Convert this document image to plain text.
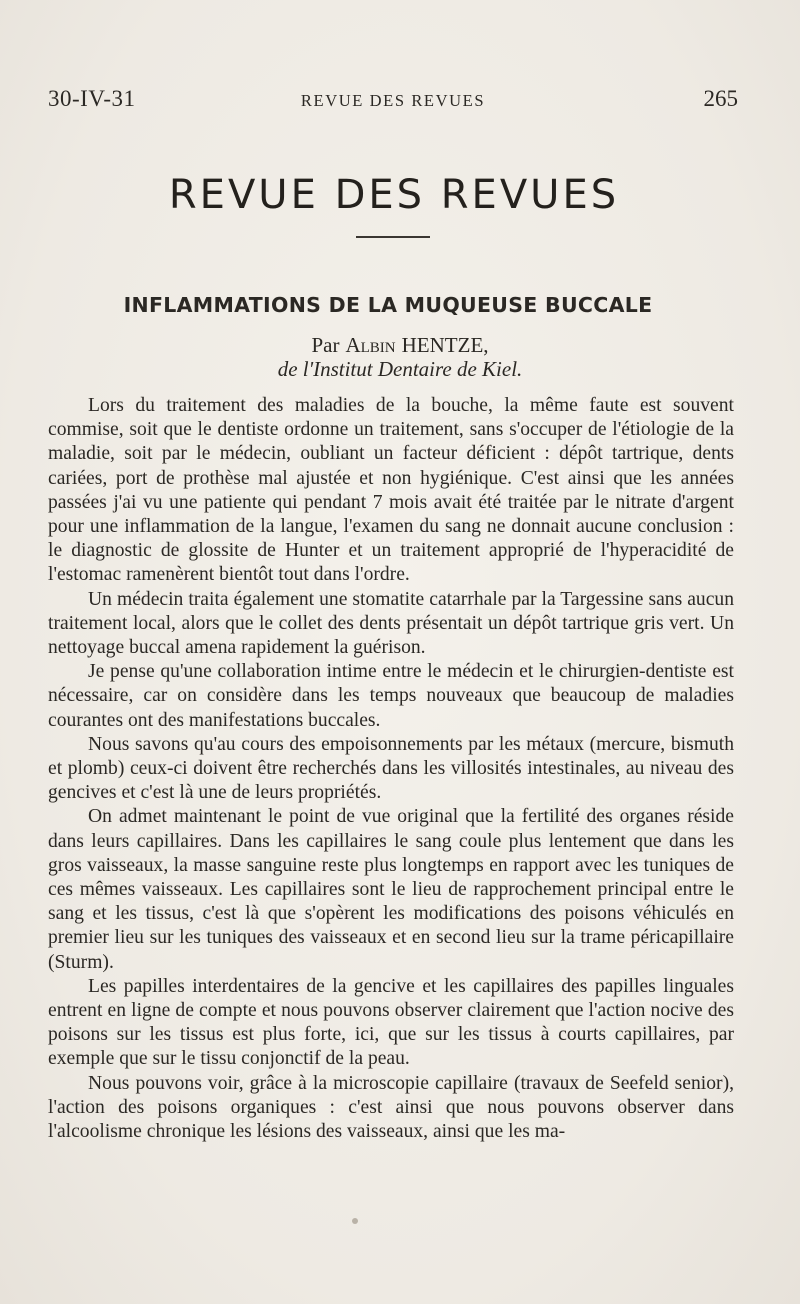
30-IV-31	REVUE DES REVUES	265
REVUE DES REVUES
INFLAMMATIONS DE LA MUQUEUSE BUCCALE
Par Albin HENTZE,
de l'Institut Dentaire de Kiel.

Lors du traitement des maladies de la bouche, la même faute est souvent commise, soit que le dentiste ordonne un traitement, sans s'occuper de l'étiologie de la maladie, soit par le médecin, oubliant un facteur déficient : dépôt tartrique, dents cariées, port de prothèse mal ajustée et non hygiénique. C'est ainsi que les années passées j'ai vu une patiente qui pendant 7 mois avait été traitée par le nitrate d'argent pour une inflammation de la langue, l'examen du sang ne donnait aucune conclusion : le diagnostic de glossite de Hunter et un traitement approprié de l'hyperacidité de l'estomac ramenèrent bientôt tout dans l'ordre.

Un médecin traita également une stomatite catarrhale par la Targessine sans aucun traitement local, alors que le collet des dents présentait un dépôt tartrique gris vert. Un nettoyage buccal amena rapidement la guérison.

Je pense qu'une collaboration intime entre le médecin et le chirurgien-dentiste est nécessaire, car on considère dans les temps nouveaux que beaucoup de maladies courantes ont des manifestations buccales.

Nous savons qu'au cours des empoisonnements par les métaux (mercure, bismuth et plomb) ceux-ci doivent être recherchés dans les villosités intestinales, au niveau des gencives et c'est là une de leurs propriétés.

On admet maintenant le point de vue original que la fertilité des organes réside dans leurs capillaires. Dans les capillaires le sang coule plus lentement que dans les gros vaisseaux, la masse sanguine reste plus longtemps en rapport avec les tuniques de ces mêmes vaisseaux. Les capillaires sont le lieu de rapprochement principal entre le sang et les tissus, c'est là que s'opèrent les modifications des poisons véhiculés en premier lieu sur les tuniques des vaisseaux et en second lieu sur la trame péricapillaire (Sturm).

Les papilles interdentaires de la gencive et les capillaires des papilles linguales entrent en ligne de compte et nous pouvons observer clairement que l'action nocive des poisons sur les tissus est plus forte, ici, que sur les tissus à courts capillaires, par exemple que sur le tissu conjonctif de la peau.

Nous pouvons voir, grâce à la microscopie capillaire (travaux de Seefeld senior), l'action des poisons organiques : c'est ainsi que nous pouvons observer dans l'alcoolisme chronique les lésions des vaisseaux, ainsi que les ma-
